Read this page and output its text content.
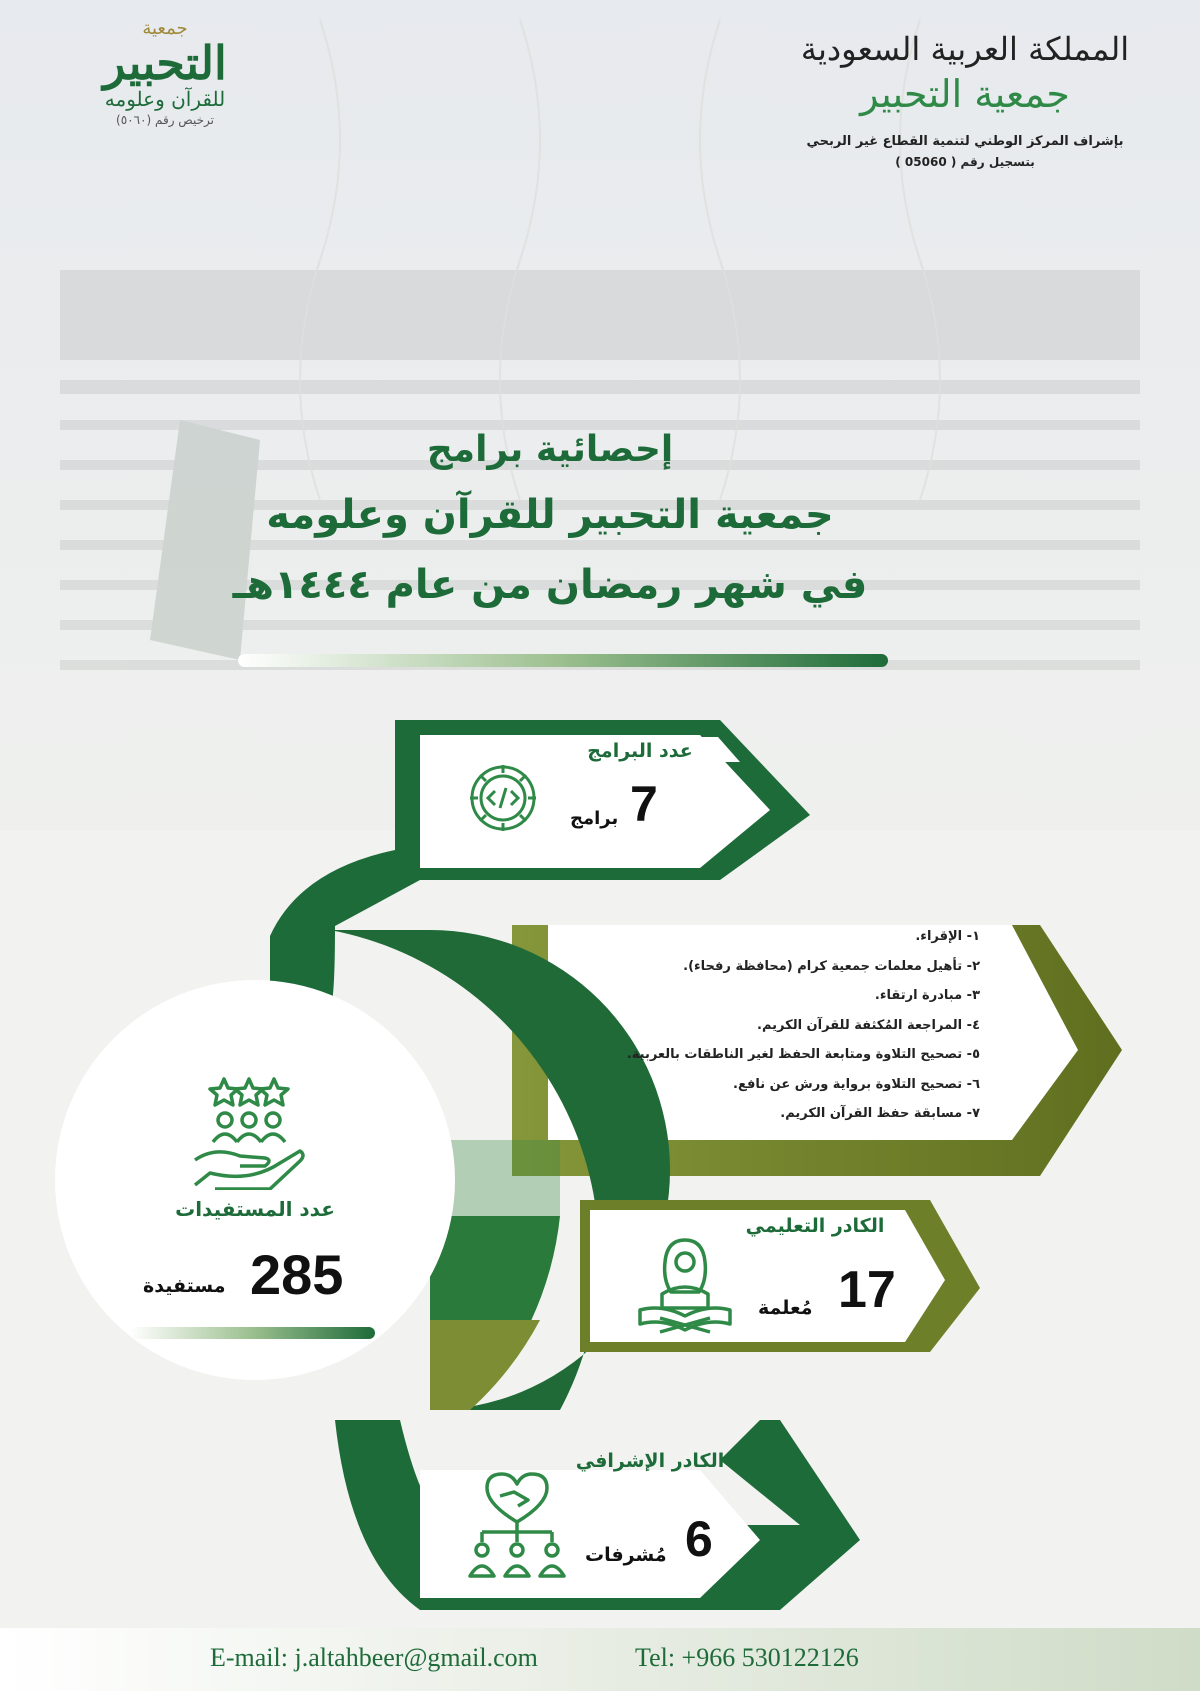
جمعية
التحبير
للقرآن وعلومه
ترخيص رقم (٥٠٦٠)
المملكة العربية السعودية
جمعية التحبير
بإشراف المركز الوطني لتنمية القطاع غير الربحي
بتسجيل رقم ( 05060 )
إحصائية برامج
جمعية التحبير للقرآن وعلومه
في شهر رمضان من عام ١٤٤٤هـ
عدد البرامج
7
برامج
١- الإقراء.
٢- تأهيل معلمات جمعية كرام (محافظة رفحاء).
٣- مبادرة ارتقاء.
٤- المراجعة المُكثفة للقرآن الكريم.
٥- تصحيح التلاوة ومتابعة الحفظ لغير الناطقات بالعربية.
٦- تصحيح التلاوة برواية ورش عن نافع.
٧- مسابقة حفظ القرآن الكريم.
عدد المستفيدات
285
مستفيدة
الكادر التعليمي
17
مُعلمة
الكادر الإشرافي
6
مُشرفات
E-mail: j.altahbeer@gmail.com	Tel: +966 530122126
